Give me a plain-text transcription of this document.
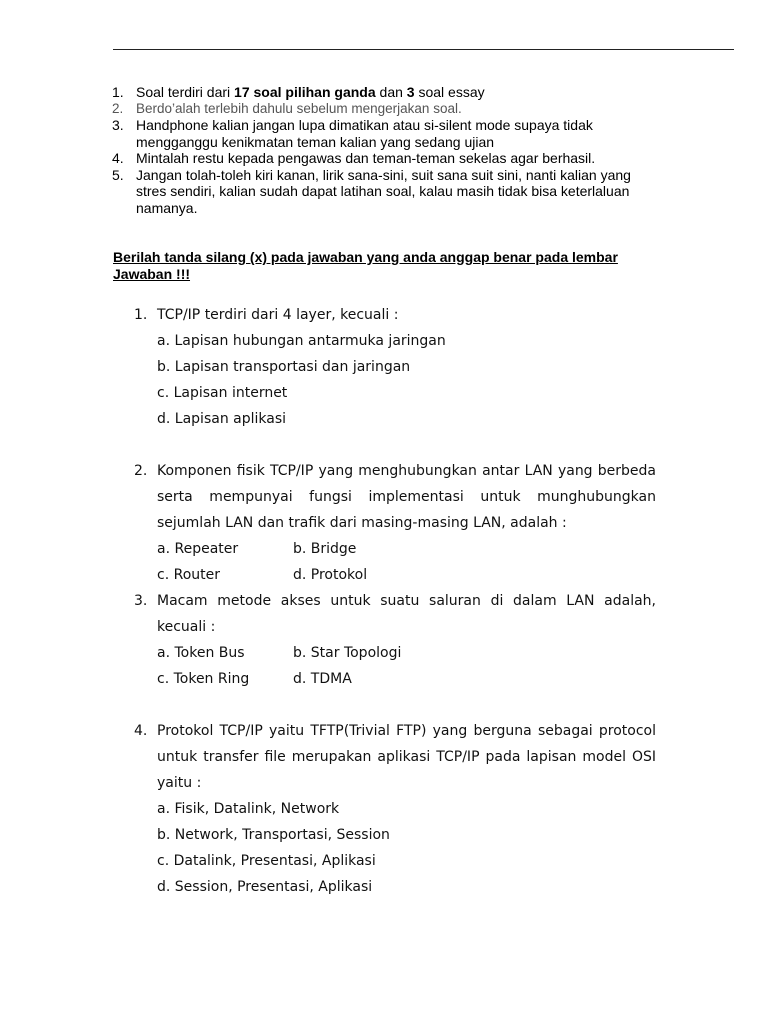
1. Soal terdiri dari 17 soal pilihan ganda dan 3 soal essay
2. Berdo’alah terlebih dahulu sebelum mengerjakan soal.
3. Handphone kalian jangan lupa dimatikan atau si-silent mode supaya tidak mengganggu kenikmatan teman kalian yang sedang ujian
4. Mintalah restu kepada pengawas dan teman-teman sekelas agar berhasil.
5. Jangan tolah-toleh kiri kanan, lirik sana-sini, suit sana suit sini, nanti kalian yang stres sendiri, kalian sudah dapat latihan soal, kalau masih tidak bisa keterlaluan namanya.
Berilah tanda silang (x) pada jawaban yang anda anggap benar pada lembar Jawaban !!!
1. TCP/IP terdiri dari 4 layer, kecuali :
a. Lapisan hubungan antarmuka jaringan
b. Lapisan transportasi dan jaringan
c. Lapisan internet
d. Lapisan aplikasi
2. Komponen fisik TCP/IP yang menghubungkan antar LAN yang berbeda serta mempunyai fungsi implementasi untuk munghubungkan sejumlah LAN dan trafik dari masing-masing LAN, adalah :
a. Repeater	b. Bridge
c. Router	d. Protokol
3. Macam metode akses untuk suatu saluran di dalam LAN adalah, kecuali :
a. Token Bus	b. Star Topologi
c. Token Ring	d. TDMA
4. Protokol TCP/IP yaitu TFTP(Trivial FTP) yang berguna sebagai protocol untuk transfer file merupakan aplikasi TCP/IP pada lapisan model OSI yaitu :
a. Fisik, Datalink, Network
b. Network, Transportasi, Session
c. Datalink, Presentasi, Aplikasi
d. Session, Presentasi, Aplikasi
